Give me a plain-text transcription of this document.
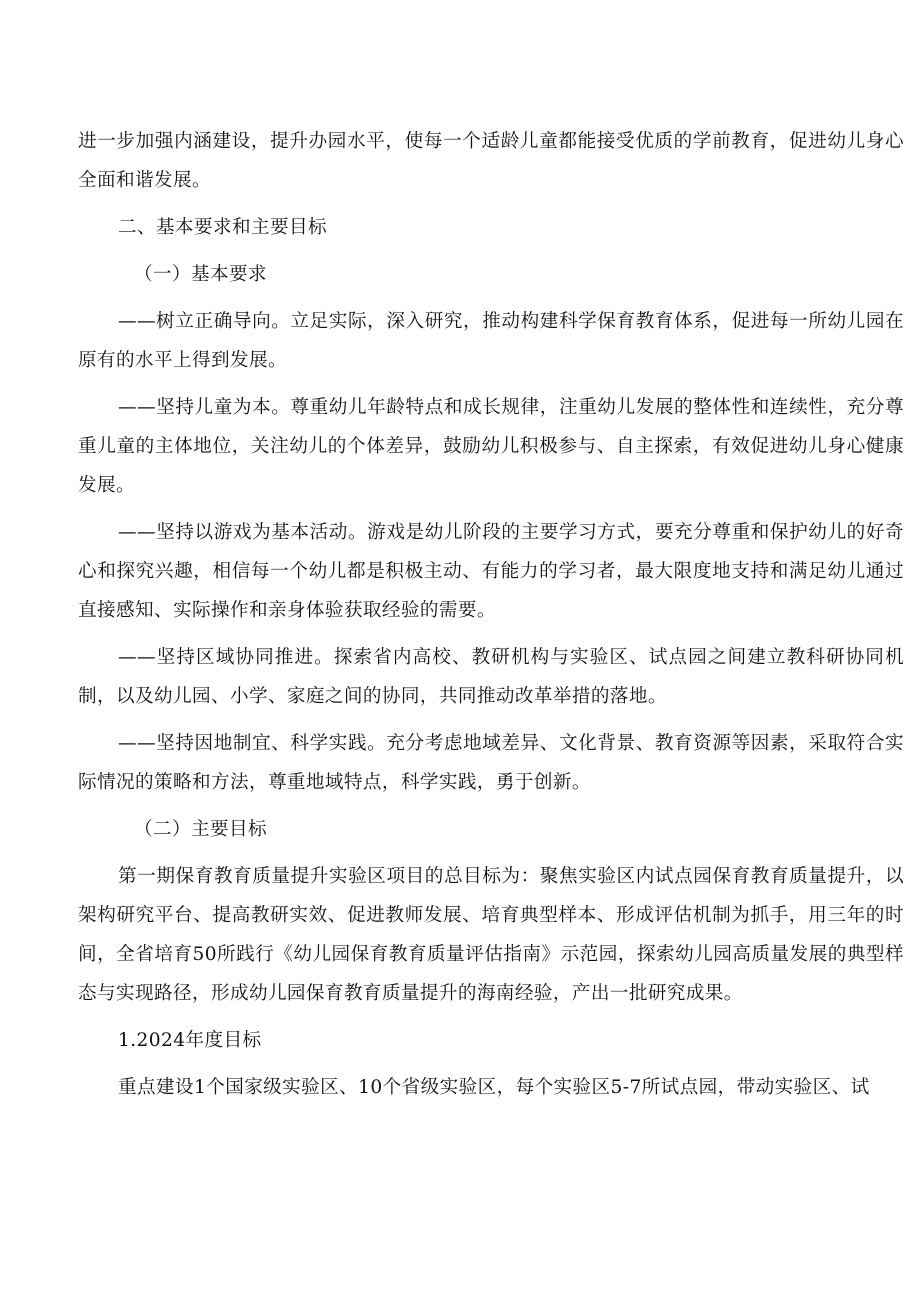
进一步加强内涵建设，提升办园水平，使每一个适龄儿童都能接受优质的学前教育，促进幼儿身心全面和谐发展。

二、基本要求和主要目标

（一）基本要求

——树立正确导向。立足实际，深入研究，推动构建科学保育教育体系，促进每一所幼儿园在原有的水平上得到发展。

——坚持儿童为本。尊重幼儿年龄特点和成长规律，注重幼儿发展的整体性和连续性，充分尊重儿童的主体地位，关注幼儿的个体差异，鼓励幼儿积极参与、自主探索，有效促进幼儿身心健康发展。

——坚持以游戏为基本活动。游戏是幼儿阶段的主要学习方式，要充分尊重和保护幼儿的好奇心和探究兴趣，相信每一个幼儿都是积极主动、有能力的学习者，最大限度地支持和满足幼儿通过直接感知、实际操作和亲身体验获取经验的需要。

——坚持区域协同推进。探索省内高校、教研机构与实验区、试点园之间建立教科研协同机制，以及幼儿园、小学、家庭之间的协同，共同推动改革举措的落地。

——坚持因地制宜、科学实践。充分考虑地域差异、文化背景、教育资源等因素，采取符合实际情况的策略和方法，尊重地域特点，科学实践，勇于创新。

（二）主要目标

第一期保育教育质量提升实验区项目的总目标为：聚焦实验区内试点园保育教育质量提升，以架构研究平台、提高教研实效、促进教师发展、培育典型样本、形成评估机制为抓手，用三年的时间，全省培育50所践行《幼儿园保育教育质量评估指南》示范园，探索幼儿园高质量发展的典型样态与实现路径，形成幼儿园保育教育质量提升的海南经验，产出一批研究成果。

1.2024年度目标

重点建设1个国家级实验区、10个省级实验区，每个实验区5-7所试点园，带动实验区、试
